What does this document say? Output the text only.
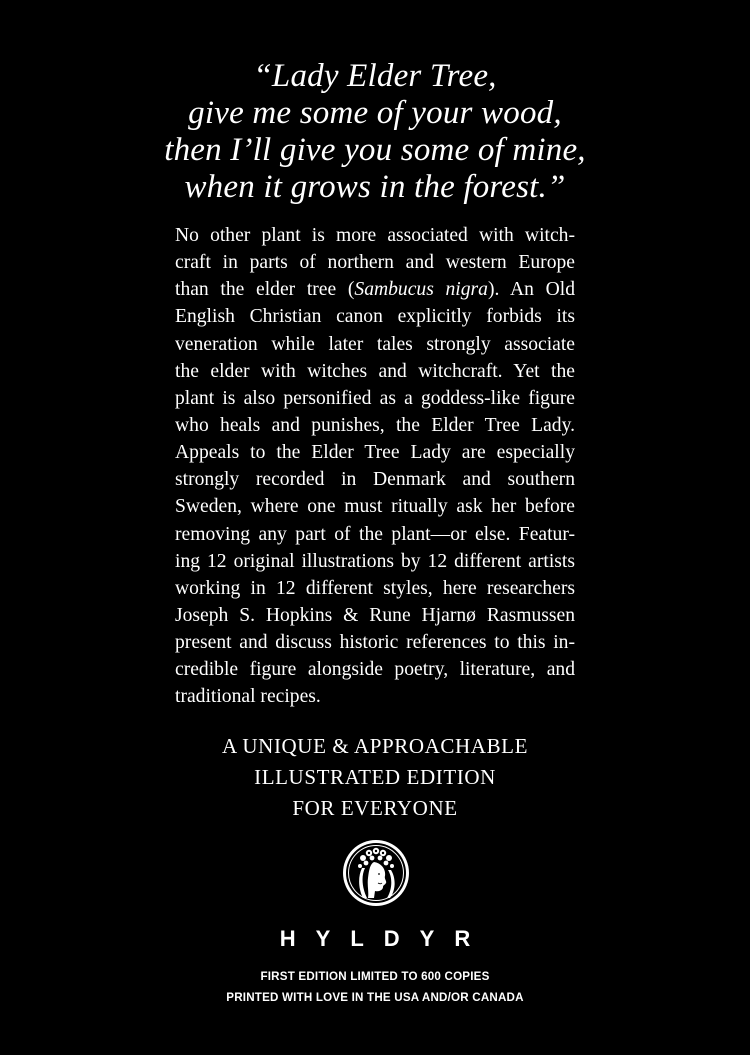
“Lady Elder Tree,
give me some of your wood,
then I’ll give you some of mine,
when it grows in the forest.”
No other plant is more associated with witch-
craft in parts of northern and western Europe
than the elder tree (Sambucus nigra). An Old
English Christian canon explicitly forbids its
veneration while later tales strongly associate
the elder with witches and witchcraft. Yet the
plant is also personified as a goddess-like figure
who heals and punishes, the Elder Tree Lady.
Appeals to the Elder Tree Lady are especially
strongly recorded in Denmark and southern
Sweden, where one must ritually ask her before
removing any part of the plant—or else. Featur-
ing 12 original illustrations by 12 different artists
working in 12 different styles, here researchers
Joseph S. Hopkins & Rune Hjarnø Rasmussen
present and discuss historic references to this in-
credible figure alongside poetry, literature, and
traditional recipes.
A UNIQUE & APPROACHABLE
ILLUSTRATED EDITION
FOR EVERYONE
HYLDYR
FIRST EDITION LIMITED TO 600 COPIES
PRINTED WITH LOVE IN THE USA AND/OR CANADA
